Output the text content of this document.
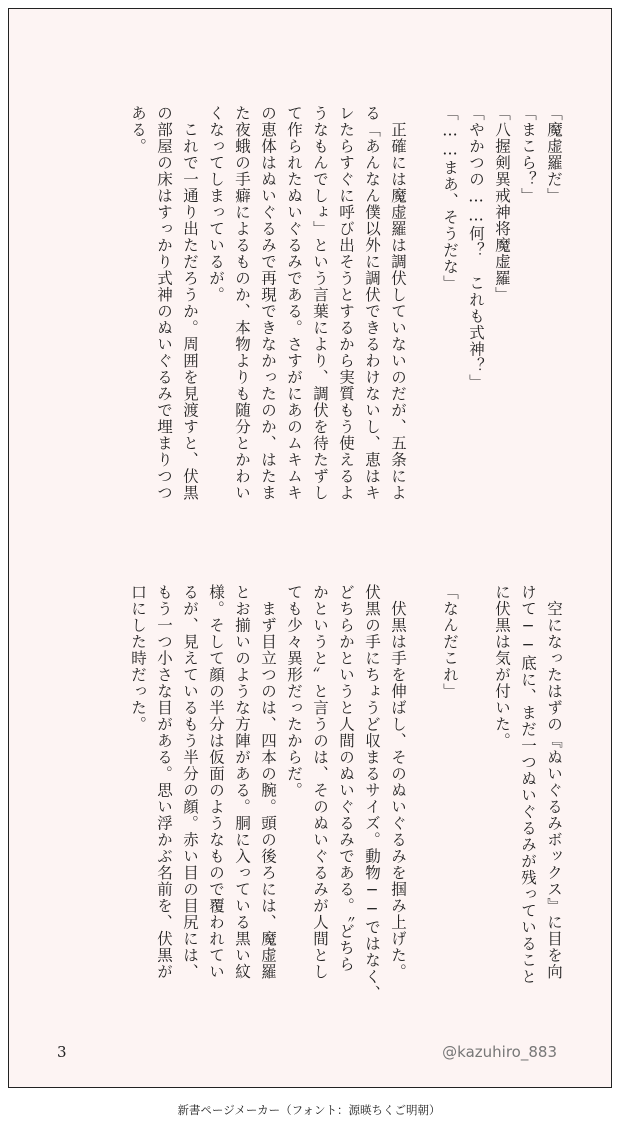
「魔虚羅だ」
「まこら？」
「八握剣異戒神将魔虚羅」
「やかつの……何？　これも式神？」
「……まあ、そうだな」

　正確には魔虚羅は調伏していないのだが、五条によ
る「あんなん僕以外に調伏できるわけないし、恵はキ
レたらすぐに呼び出そうとするから実質もう使えるよ
うなもんでしょ」という言葉により、調伏を待たずし
て作られたぬいぐるみである。さすがにあのムキムキ
の恵体はぬいぐるみで再現できなかったのか、はたま
た夜蛾の手癖によるものか、本物よりも随分とかわい
くなってしまっているが。
　これで一通り出ただろうか。周囲を見渡すと、伏黒
の部屋の床はすっかり式神のぬいぐるみで埋まりつつ
ある。
　空になったはずの『ぬいぐるみボックス』に目を向
けて──底に、まだ一つぬいぐるみが残っていること
に伏黒は気が付いた。

「なんだこれ」

　伏黒は手を伸ばし、そのぬいぐるみを掴み上げた。
伏黒の手にちょうど収まるサイズ。動物──ではなく、
どちらかというと人間のぬいぐるみである。〝どちら
かというと〟と言うのは、そのぬいぐるみが人間とし
ても少々異形だったからだ。
　まず目立つのは、四本の腕。頭の後ろには、魔虚羅
とお揃いのような方陣がある。胴に入っている黒い紋
様。そして顔の半分は仮面のようなもので覆われてい
るが、見えているもう半分の顔。赤い目の目尻には、
もう一つ小さな目がある。思い浮かぶ名前を、伏黒が
口にした時だった。
3	@kazuhiro_883
新書ページメーカー（フォント：源暎ちくご明朝）
